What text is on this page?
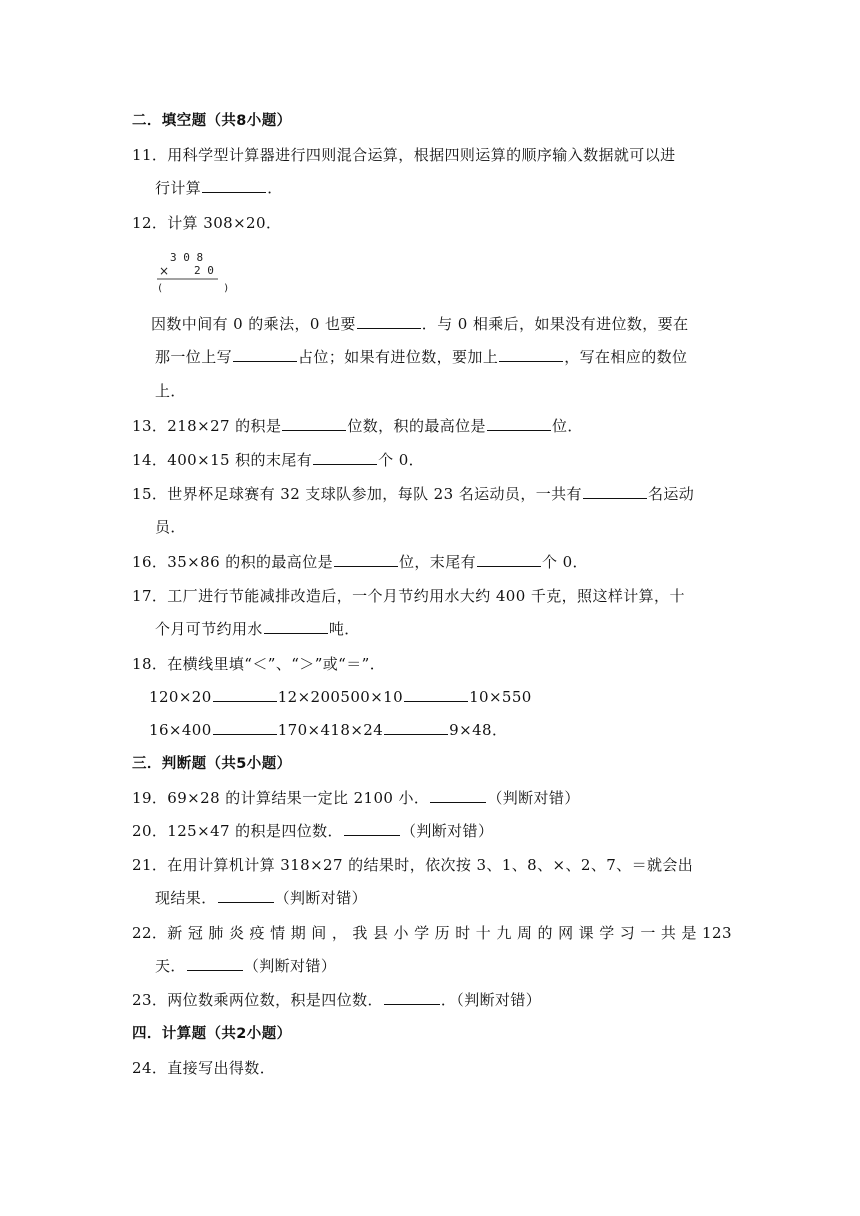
二．填空题（共8小题）
11．用科学型计算器进行四则混合运算，根据四则运算的顺序输入数据就可以进
行计算	．
12．计算 308×20．
3 0 8
× 2 0
(          )
因数中间有 0 的乘法，0 也要	．与 0 相乘后，如果没有进位数，要在
那一位上写	占位；如果有进位数，要加上	，写在相应的数位
上．
13．218×27 的积是	位数，积的最高位是	位．
14．400×15 积的末尾有	个 0．
15．世界杯足球赛有 32 支球队参加，每队 23 名运动员，一共有	名运动
员．
16．35×86 的积的最高位是	位，末尾有	个 0．
17．工厂进行节能减排改造后，一个月节约用水大约 400 千克，照这样计算，十
个月可节约用水	吨．
18．在横线里填“＜”、“＞”或“＝”．
120×20	12×200500×10	10×550
16×400	170×418×24	9×48．
三．判断题（共5小题）
19．69×28 的计算结果一定比 2100 小．	（判断对错）
20．125×47 的积是四位数．	（判断对错）
21．在用计算机计算 318×27 的结果时，依次按 3、1、8、×、2、7、＝就会出
现结果．	（判断对错）
22．新 冠 肺 炎 疫 情 期 间 ， 我 县 小 学 历 时 十 九 周 的 网 课 学 习 一 共 是 123
天．	（判断对错）
23．两位数乘两位数，积是四位数．	．（判断对错）
四．计算题（共2小题）
24．直接写出得数．
